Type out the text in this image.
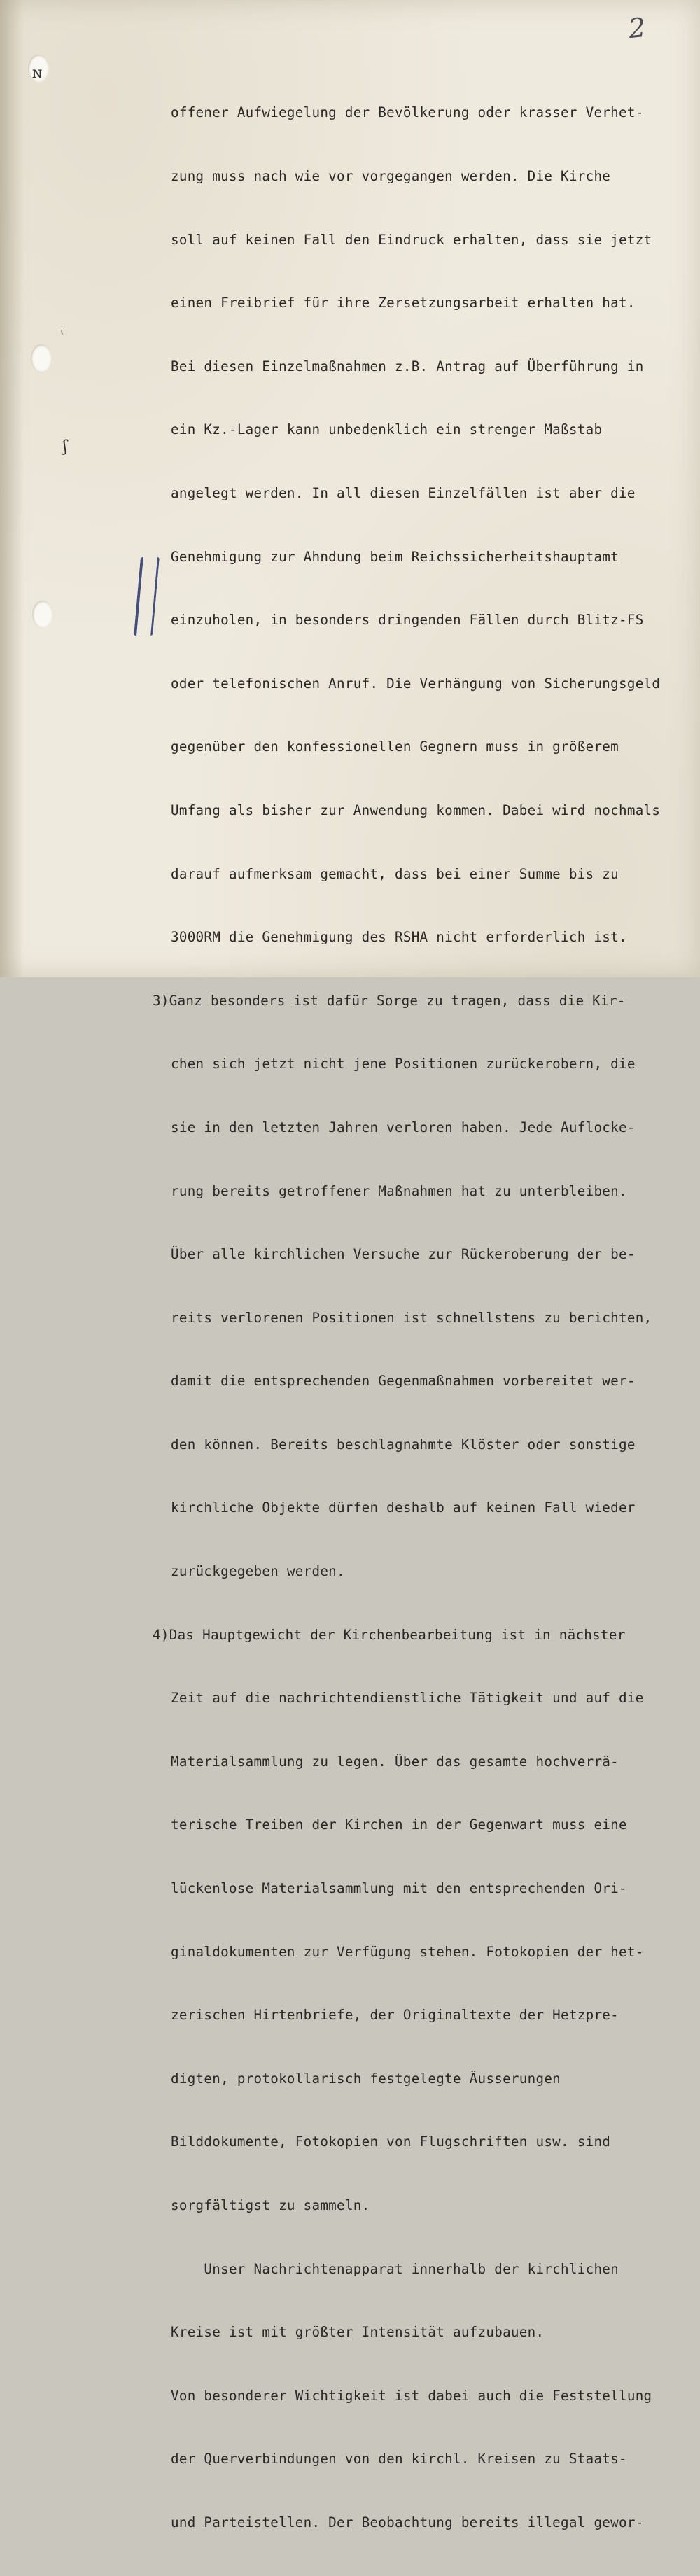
ɴ
ᶥ
ʃ
2

offener Aufwiegelung der Bevölkerung oder krasser Verhet-

zung muss nach wie vor vorgegangen werden. Die Kirche

soll auf keinen Fall den Eindruck erhalten, dass sie jetzt

einen Freibrief für ihre Zersetzungsarbeit erhalten hat.

Bei diesen Einzelmaßnahmen z.B. Antrag auf Überführung in

ein Kz.-Lager kann unbedenklich ein strenger Maßstab

angelegt werden. In all diesen Einzelfällen ist aber die

Genehmigung zur Ahndung beim Reichssicherheitshauptamt

einzuholen, in besonders dringenden Fällen durch Blitz-FS

oder telefonischen Anruf. Die Verhängung von Sicherungsgeld

gegenüber den konfessionellen Gegnern muss in größerem

Umfang als bisher zur Anwendung kommen. Dabei wird nochmals

darauf aufmerksam gemacht, dass bei einer Summe bis zu

3000RM die Genehmigung des RSHA nicht erforderlich ist.

3)Ganz besonders ist dafür Sorge zu tragen, dass die Kir-

chen sich jetzt nicht jene Positionen zurückerobern, die

sie in den letzten Jahren verloren haben. Jede Auflocke-

rung bereits getroffener Maßnahmen hat zu unterbleiben.

Über alle kirchlichen Versuche zur Rückeroberung der be-

reits verlorenen Positionen ist schnellstens zu berichten,

damit die entsprechenden Gegenmaßnahmen vorbereitet wer-

den können. Bereits beschlagnahmte Klöster oder sonstige

kirchliche Objekte dürfen deshalb auf keinen Fall wieder

zurückgegeben werden.

4)Das Hauptgewicht der Kirchenbearbeitung ist in nächster

Zeit auf die nachrichtendienstliche Tätigkeit und auf die

Materialsammlung zu legen. Über das gesamte hochverrä-

terische Treiben der Kirchen in der Gegenwart muss eine

lückenlose Materialsammlung mit den entsprechenden Ori-

ginaldokumenten zur Verfügung stehen. Fotokopien der het-

zerischen Hirtenbriefe, der Originaltexte der Hetzpre-

digten, protokollarisch festgelegte Äusserungen

Bilddokumente, Fotokopien von Flugschriften usw. sind

sorgfältigst zu sammeln.

Unser Nachrichtenapparat innerhalb der kirchlichen

Kreise ist mit größter Intensität aufzubauen.

Von besonderer Wichtigkeit ist dabei auch die Feststellung

der Querverbindungen von den kirchl. Kreisen zu Staats-

und Parteistellen. Der Beobachtung bereits illegal gewor-
